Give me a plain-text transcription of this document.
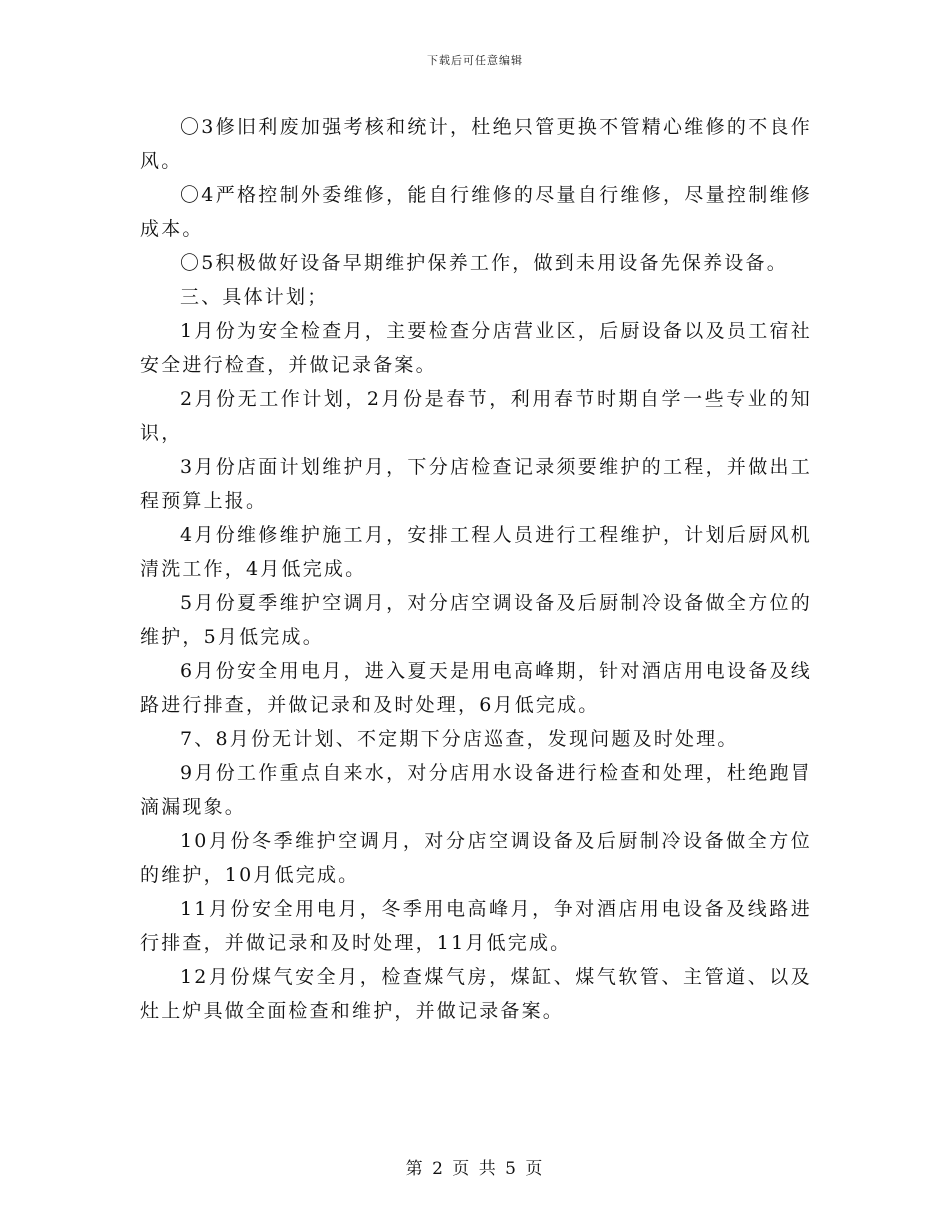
下载后可任意编辑

〇3修旧利废加强考核和统计，杜绝只管更换不管精心维修的不良作风。

〇4严格控制外委维修，能自行维修的尽量自行维修，尽量控制维修成本。

〇5积极做好设备早期维护保养工作，做到未用设备先保养设备。

三、具体计划；

1月份为安全检查月，主要检查分店营业区，后厨设备以及员工宿社安全进行检查，并做记录备案。

2月份无工作计划，2月份是春节，利用春节时期自学一些专业的知识，

3月份店面计划维护月，下分店检查记录须要维护的工程，并做出工程预算上报。

4月份维修维护施工月，安排工程人员进行工程维护，计划后厨风机清洗工作，4月低完成。

5月份夏季维护空调月，对分店空调设备及后厨制冷设备做全方位的维护，5月低完成。

6月份安全用电月，进入夏天是用电高峰期，针对酒店用电设备及线路进行排查，并做记录和及时处理，6月低完成。

7、8月份无计划、不定期下分店巡查，发现问题及时处理。

9月份工作重点自来水，对分店用水设备进行检查和处理，杜绝跑冒滴漏现象。

10月份冬季维护空调月，对分店空调设备及后厨制冷设备做全方位的维护，10月低完成。

11月份安全用电月，冬季用电高峰月，争对酒店用电设备及线路进行排查，并做记录和及时处理，11月低完成。

12月份煤气安全月，检查煤气房，煤缸、煤气软管、主管道、以及灶上炉具做全面检查和维护，并做记录备案。

第 2 页 共 5 页
